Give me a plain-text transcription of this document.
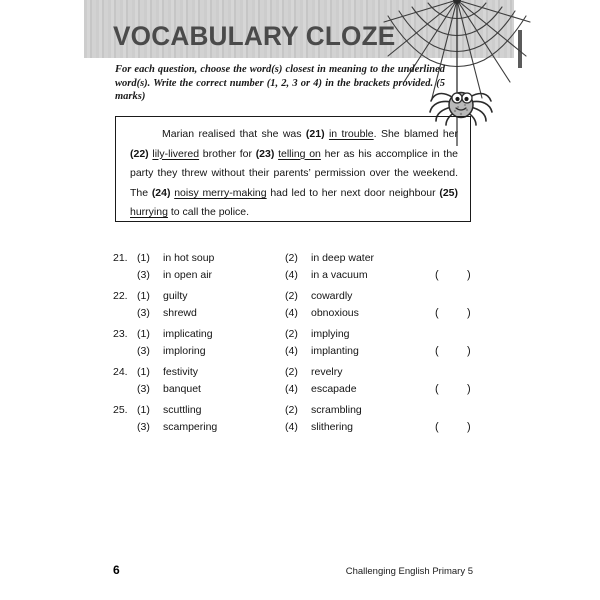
VOCABULARY CLOZE
For each question, choose the word(s) closest in meaning to the underlined word(s). Write the correct number (1, 2, 3 or 4) in the brackets provided. (5 marks)
Marian realised that she was (21) in trouble. She blamed her (22) lily-livered brother for (23) telling on her as his accomplice in the party they threw without their parents’ permission over the weekend. The (24) noisy merry-making had led to her next door neighbour (25) hurrying to call the police.
21. (1) in hot soup	(2) in deep water
(3) in open air	(4) in a vacuum	(	)
22. (1) guilty	(2) cowardly
(3) shrewd	(4) obnoxious	(	)
23. (1) implicating	(2) implying
(3) imploring	(4) implanting	(	)
24. (1) festivity	(2) revelry
(3) banquet	(4) escapade	(	)
25. (1) scuttling	(2) scrambling
(3) scampering	(4) slithering	(	)
6	Challenging English Primary 5
